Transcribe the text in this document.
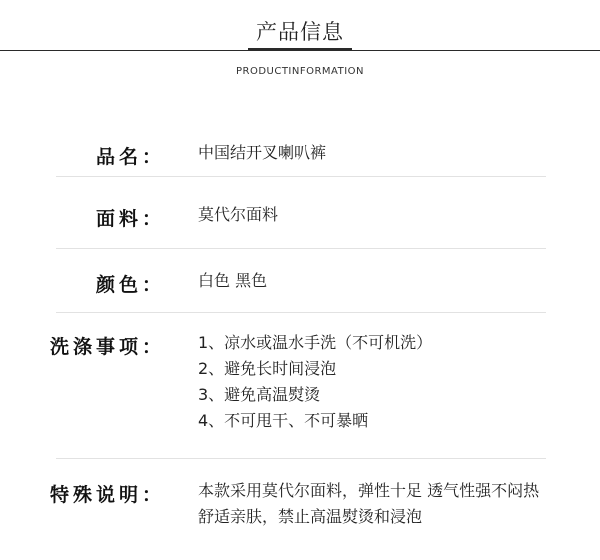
产品信息
PRODUCTINFORMATION
品名： 中国结开叉喇叭裤
面料： 莫代尔面料
颜色： 白色 黑色
洗涤事项： 1、凉水或温水手洗（不可机洗）
2、避免长时间浸泡
3、避免高温熨烫
4、不可甩干、不可暴晒
特殊说明： 本款采用莫代尔面料，弹性十足 透气性强不闷热
舒适亲肤，禁止高温熨烫和浸泡
